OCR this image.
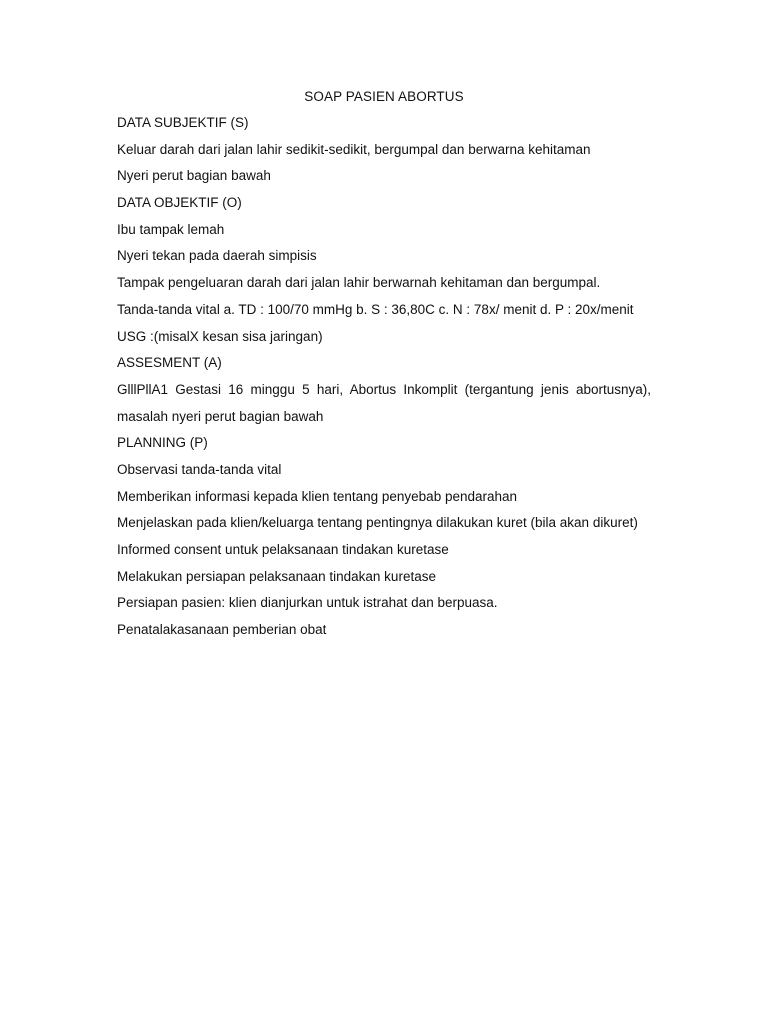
SOAP PASIEN ABORTUS
DATA SUBJEKTIF (S)
Keluar darah dari jalan lahir sedikit-sedikit, bergumpal dan berwarna kehitaman
Nyeri perut bagian bawah
DATA OBJEKTIF (O)
Ibu tampak lemah
Nyeri tekan pada daerah simpisis
Tampak pengeluaran darah dari jalan lahir berwarnah kehitaman dan bergumpal.
Tanda-tanda vital a. TD : 100/70 mmHg b. S : 36,80C c. N : 78x/ menit d. P : 20x/menit
USG :(misalX kesan sisa jaringan)
ASSESMENT (A)
GlllPllA1 Gestasi 16 minggu 5 hari, Abortus Inkomplit (tergantung jenis abortusnya), masalah nyeri perut bagian bawah
PLANNING (P)
Observasi tanda-tanda vital
Memberikan informasi kepada klien tentang penyebab pendarahan
Menjelaskan pada klien/keluarga tentang pentingnya dilakukan kuret (bila akan dikuret)
Informed consent untuk pelaksanaan tindakan kuretase
Melakukan persiapan pelaksanaan tindakan kuretase
Persiapan pasien: klien dianjurkan untuk istrahat dan berpuasa.
Penatalakasanaan pemberian obat
